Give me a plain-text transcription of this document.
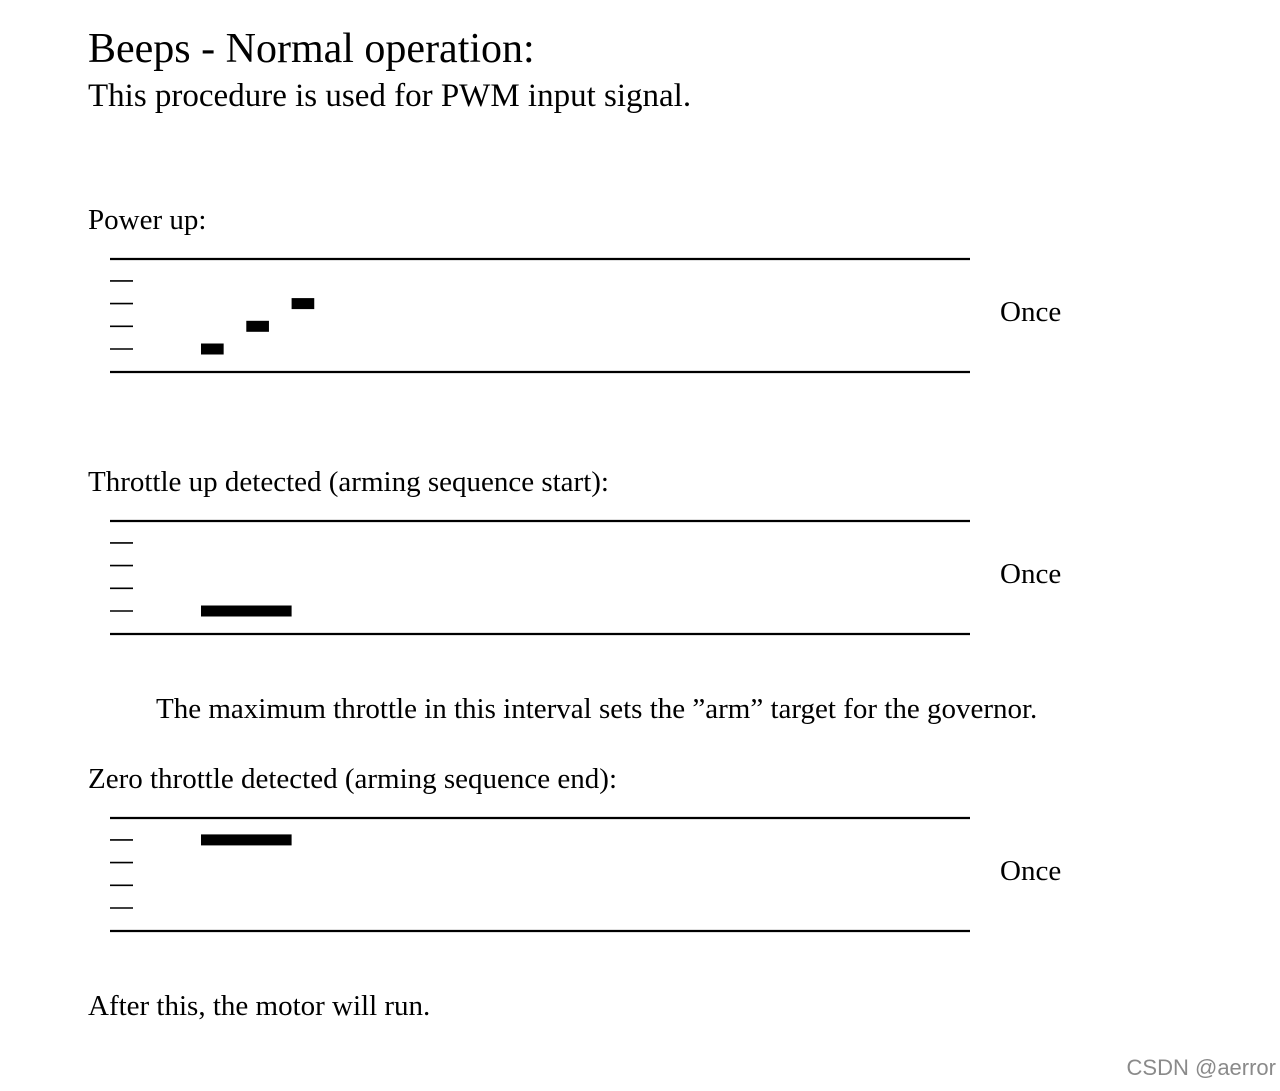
Beeps - Normal operation:
This procedure is used for PWM input signal.
Power up:
Once
Throttle up detected (arming sequence start):
Once
The maximum throttle in this interval sets the ”arm” target for the governor.
Zero throttle detected (arming sequence end):
Once
After this, the motor will run.
CSDN @aerror
